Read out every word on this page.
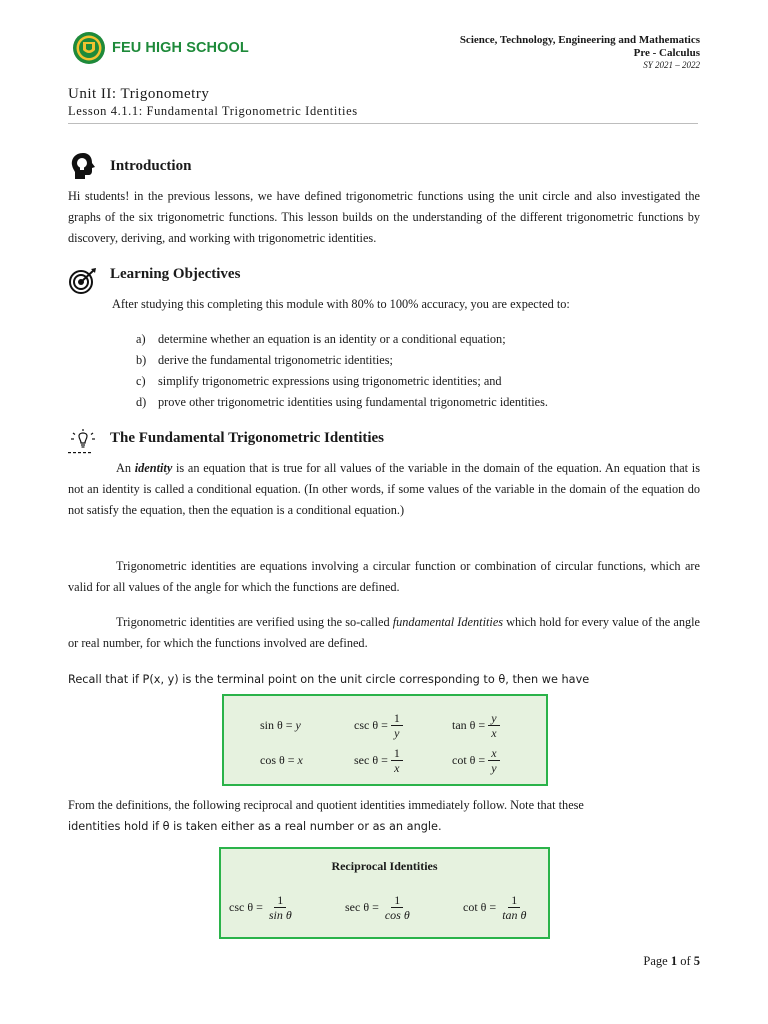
FEU HIGH SCHOOL	Science, Technology, Engineering and Mathematics
Pre - Calculus
SY 2021 – 2022
Unit II: Trigonometry
Lesson 4.1.1: Fundamental Trigonometric Identities
Introduction
Hi students! in the previous lessons, we have defined trigonometric functions using the unit circle and also investigated the graphs of the six trigonometric functions. This lesson builds on the understanding of the different trigonometric functions by discovery, deriving, and working with trigonometric identities.
Learning Objectives
After studying this completing this module with 80% to 100% accuracy, you are expected to:
a)	determine whether an equation is an identity or a conditional equation;
b) derive the fundamental trigonometric identities;
c)	simplify trigonometric expressions using trigonometric identities; and
d) prove other trigonometric identities using fundamental trigonometric identities.
The Fundamental Trigonometric Identities
An identity is an equation that is true for all values of the variable in the domain of the equation. An equation that is not an identity is called a conditional equation. (In other words, if some values of the variable in the domain of the equation do not satisfy the equation, then the equation is a conditional equation.)
Trigonometric identities are equations involving a circular function or combination of circular functions, which are valid for all values of the angle for which the functions are defined.
Trigonometric identities are verified using the so-called fundamental Identities which hold for every value of the angle or real number, for which the functions involved are defined.
Recall that if P(x, y) is the terminal point on the unit circle corresponding to θ, then we have
sin θ = y	$\csc \theta = \frac{1}{y}$	$\tan \theta = \frac{y}{x}$
cos θ = x	$\sec \theta = \frac{1}{x}$	$\cot \theta = \frac{x}{y}$
From the definitions, the following reciprocal and quotient identities immediately follow. Note that these
identities hold if θ is taken either as a real number or as an angle.
Reciprocal Identities
$\csc \theta = \frac{1}{\text{sin θ}}$	$\sec \theta = \frac{1}{\text{cos θ}}$	$\cot \theta = \frac{1}{\text{tan θ}}$
Page 1 of 5
